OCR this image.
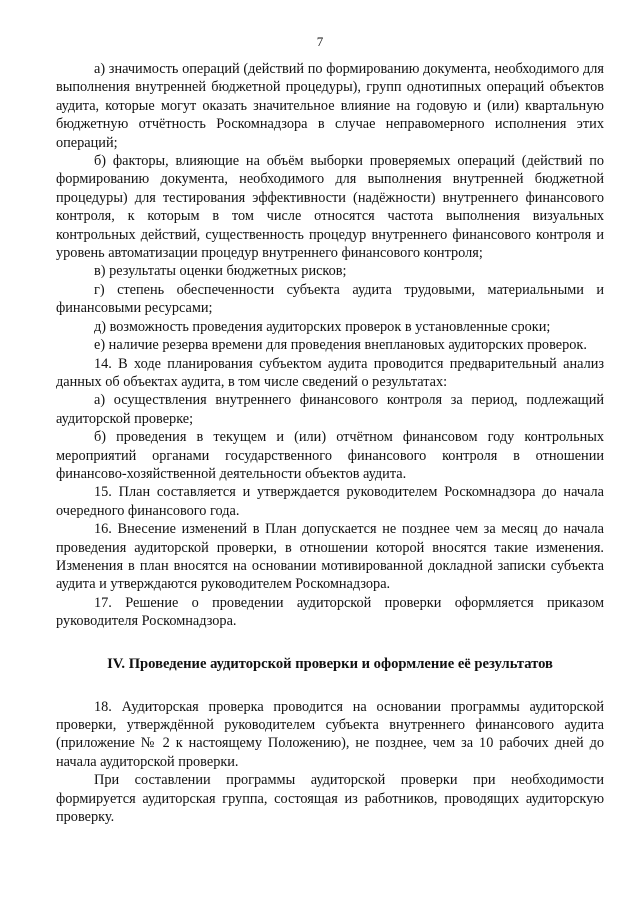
7

а) значимость операций (действий по формированию документа, необходимого для выполнения внутренней бюджетной процедуры), групп однотипных операций объектов аудита, которые могут оказать значительное влияние на годовую и (или) квартальную бюджетную отчётность Роскомнадзора в случае неправомерного исполнения этих операций;

б) факторы, влияющие на объём выборки проверяемых операций (действий по формированию документа, необходимого для выполнения внутренней бюджетной процедуры) для тестирования эффективности (надёжности) внутреннего финансового контроля, к которым в том числе относятся частота выполнения визуальных контрольных действий, существенность процедур внутреннего финансового контроля и уровень автоматизации процедур внутреннего финансового контроля;

в) результаты оценки бюджетных рисков;

г) степень обеспеченности субъекта аудита трудовыми, материальными и финансовыми ресурсами;

д) возможность проведения аудиторских проверок в установленные сроки;

е) наличие резерва времени для проведения внеплановых аудиторских проверок.

14. В ходе планирования субъектом аудита проводится предварительный анализ данных об объектах аудита, в том числе сведений о результатах:

а) осуществления внутреннего финансового контроля за период, подлежащий аудиторской проверке;

б) проведения в текущем и (или) отчётном финансовом году контрольных мероприятий органами государственного финансового контроля в отношении финансово-хозяйственной деятельности объектов аудита.

15. План составляется и утверждается руководителем Роскомнадзора до начала очередного финансового года.

16. Внесение изменений в План допускается не позднее чем за месяц до начала проведения аудиторской проверки, в отношении которой вносятся такие изменения. Изменения в план вносятся на основании мотивированной докладной записки субъекта аудита и утверждаются руководителем Роскомнадзора.

17. Решение о проведении аудиторской проверки оформляется приказом руководителя Роскомнадзора.

IV. Проведение аудиторской проверки и оформление её результатов

18. Аудиторская проверка проводится на основании программы аудиторской проверки, утверждённой руководителем субъекта внутреннего финансового аудита (приложение № 2 к настоящему Положению), не позднее, чем за 10 рабочих дней до начала аудиторской проверки.

При составлении программы аудиторской проверки при необходимости формируется аудиторская группа, состоящая из работников, проводящих аудиторскую проверку.
